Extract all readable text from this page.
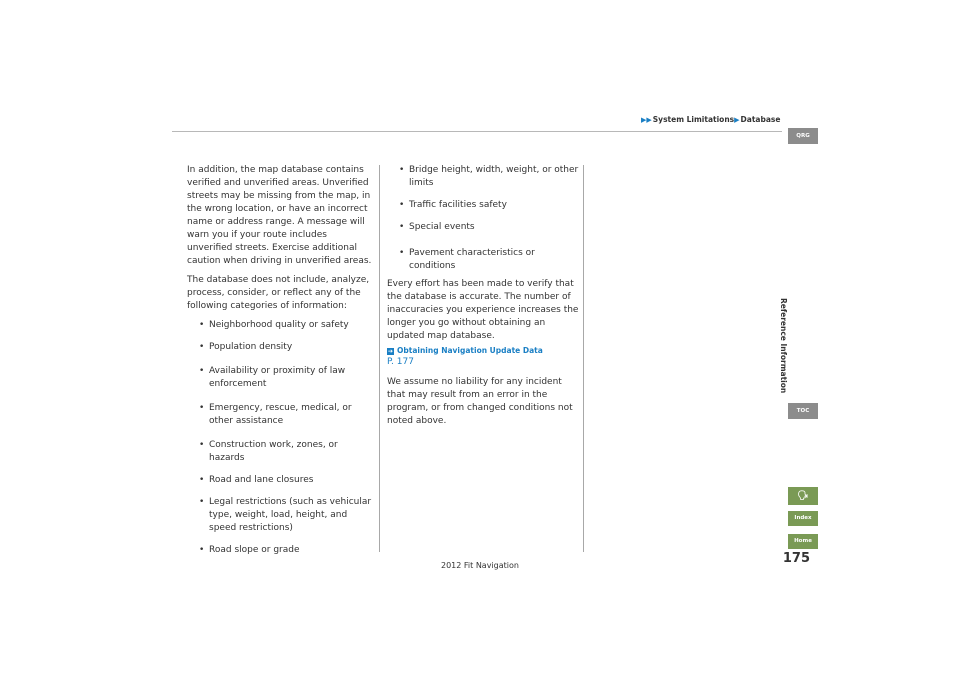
▶▶System Limitations▶Database

In addition, the map database contains verified and unverified areas. Unverified streets may be missing from the map, in the wrong location, or have an incorrect name or address range. A message will warn you if your route includes unverified streets. Exercise additional caution when driving in unverified areas.

The database does not include, analyze, process, consider, or reflect any of the following categories of information:

• Neighborhood quality or safety
• Population density
• Availability or proximity of law enforcement
• Emergency, rescue, medical, or other assistance
• Construction work, zones, or hazards
• Road and lane closures
• Legal restrictions (such as vehicular type, weight, load, height, and speed restrictions)
• Road slope or grade
• Bridge height, width, weight, or other limits
• Traffic facilities safety
• Special events
• Pavement characteristics or conditions

Every effort has been made to verify that the database is accurate. The number of inaccuracies you experience increases the longer you go without obtaining an updated map database.

➔ Obtaining Navigation Update Data
P. 177

We assume no liability for any incident that may result from an error in the program, or from changed conditions not noted above.

QRG
Reference Information
TOC
🗣
Index
Home
175
2012 Fit Navigation
